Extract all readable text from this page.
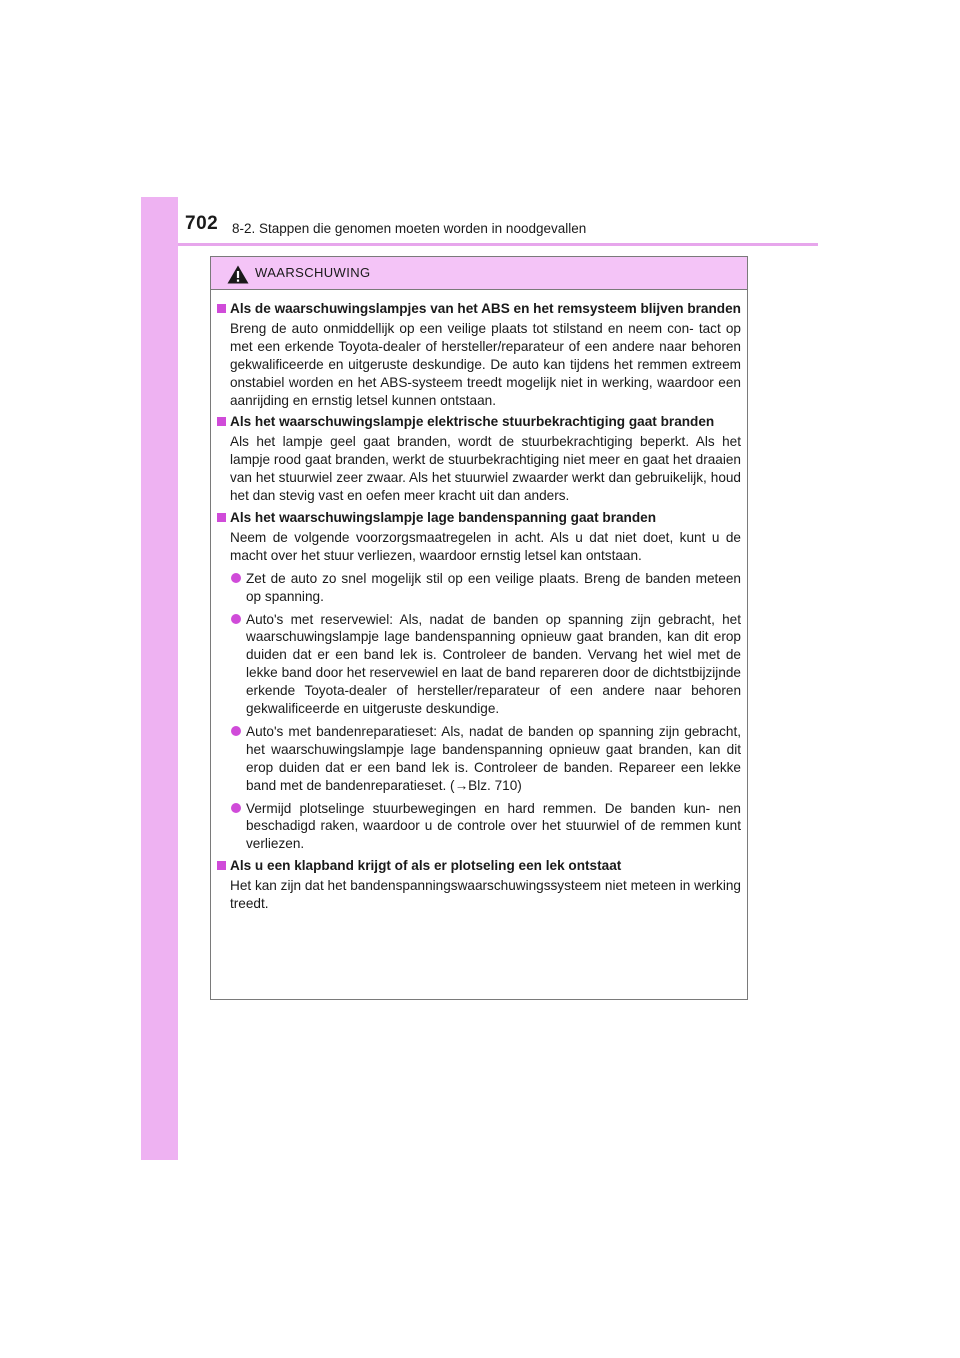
702 8-2. Stappen die genomen moeten worden in noodgevallen
WAARSCHUWING
Als de waarschuwingslampjes van het ABS en het remsysteem blijven branden
Breng de auto onmiddellijk op een veilige plaats tot stilstand en neem con- tact op met een erkende Toyota-dealer of hersteller/reparateur of een andere naar behoren gekwalificeerde en uitgeruste deskundige. De auto kan tijdens het remmen extreem onstabiel worden en het ABS-systeem treedt mogelijk niet in werking, waardoor een aanrijding en ernstig letsel kunnen ontstaan.
Als het waarschuwingslampje elektrische stuurbekrachtiging gaat branden
Als het lampje geel gaat branden, wordt de stuurbekrachtiging beperkt. Als het lampje rood gaat branden, werkt de stuurbekrachtiging niet meer en gaat het draaien van het stuurwiel zeer zwaar. Als het stuurwiel zwaarder werkt dan gebruikelijk, houd het dan stevig vast en oefen meer kracht uit dan anders.
Als het waarschuwingslampje lage bandenspanning gaat branden
Neem de volgende voorzorgsmaatregelen in acht. Als u dat niet doet, kunt u de macht over het stuur verliezen, waardoor ernstig letsel kan ontstaan.
Zet de auto zo snel mogelijk stil op een veilige plaats. Breng de banden meteen op spanning.
Auto's met reservewiel: Als, nadat de banden op spanning zijn gebracht, het waarschuwingslampje lage bandenspanning opnieuw gaat branden, kan dit erop duiden dat er een band lek is. Controleer de banden. Vervang het wiel met de lekke band door het reservewiel en laat de band repareren door de dichtstbijzijnde erkende Toyota-dealer of hersteller/reparateur of een andere naar behoren gekwalificeerde en uitgeruste deskundige.
Auto's met bandenreparatieset: Als, nadat de banden op spanning zijn gebracht, het waarschuwingslampje lage bandenspanning opnieuw gaat branden, kan dit erop duiden dat er een band lek is. Controleer de banden. Repareer een lekke band met de bandenreparatieset. (→Blz. 710)
Vermijd plotselinge stuurbewegingen en hard remmen. De banden kun- nen beschadigd raken, waardoor u de controle over het stuurwiel of de remmen kunt verliezen.
Als u een klapband krijgt of als er plotseling een lek ontstaat
Het kan zijn dat het bandenspanningswaarschuwingssysteem niet meteen in werking treedt.
